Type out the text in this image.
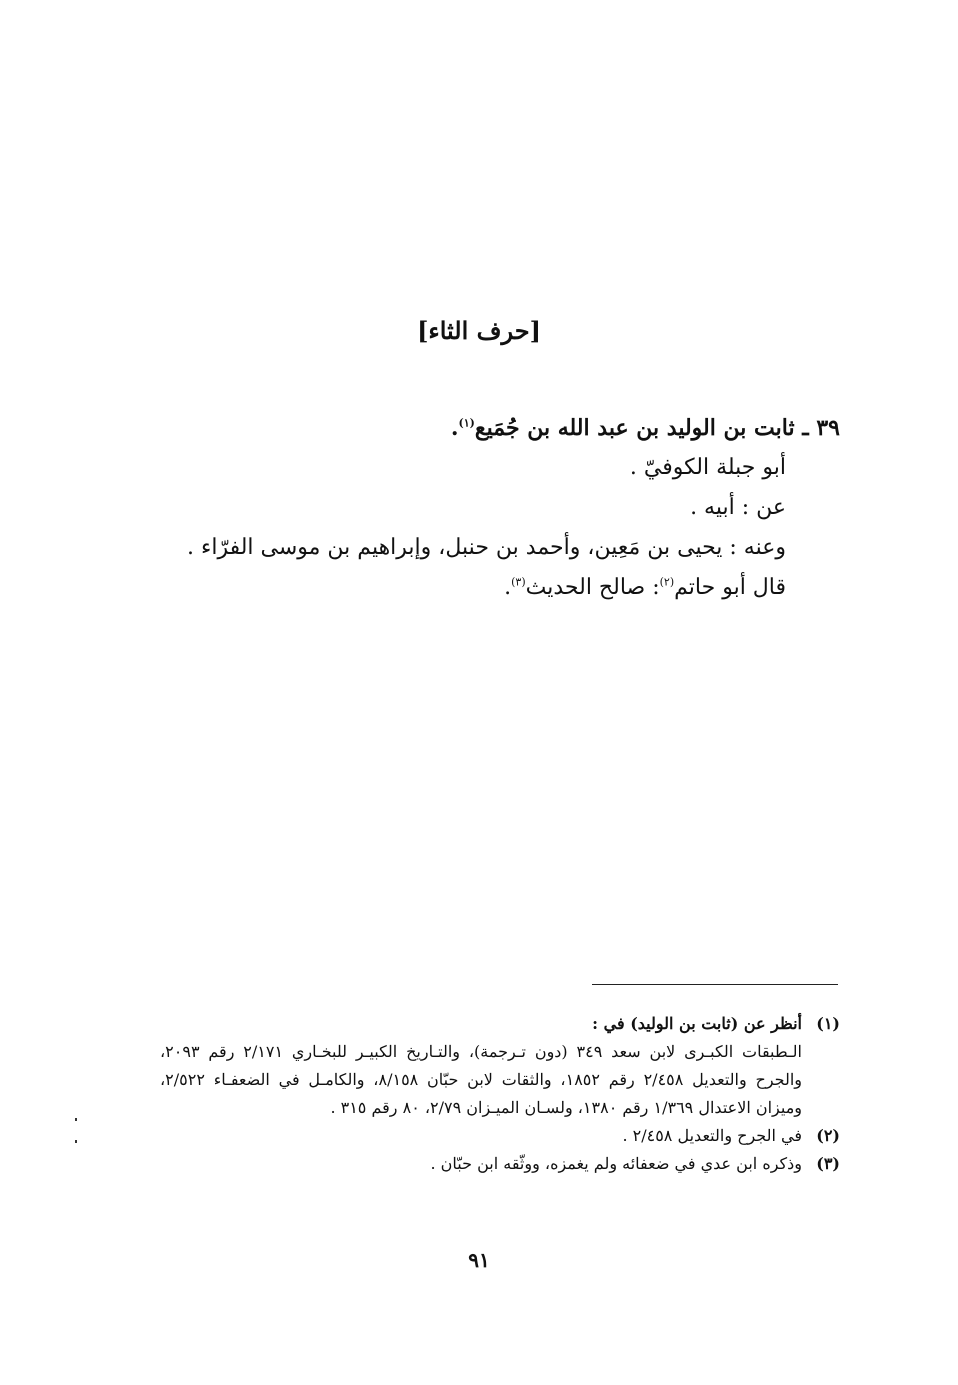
[حرف الثاء]

٣٩ ـ ثابت بن الوليد بن عبد الله بن جُمَيع$^{(١)}$.

أبو جبلة الكوفيّ .

عن : أبيه .

وعنه : يحيى بن مَعِين، وأحمد بن حنبل، وإبراهيم بن موسى الفرّاء .

قال أبو حاتم$^{(٢)}$: صالح الحديث$^{(٣)}$.

(١)
أنظر عن (ثابت بن الوليد) في :
الـطبقات الكبـرى لابن سعد ٣٤٩ (دون تـرجمة)، والتـاريخ الكبيـر للبخـاري ٢/١٧١ رقم ٢٠٩٣، والجرح والتعديل ٢/٤٥٨ رقم ١٨٥٢، والثقات لابن حبّان ٨/١٥٨، والكامـل في الضعفـاء ٢/٥٢٢، وميزان الاعتدال ١/٣٦٩ رقم ١٣٨٠، ولسـان الميـزان ٢/٧٩، ٨٠ رقم ٣١٥ .
(٢)
في الجرح والتعديل ٢/٤٥٨ .
(٣)
وذكره ابن عدي في ضعفائه ولم يغمزه، ووثّقه ابن حبّان .
٩١
